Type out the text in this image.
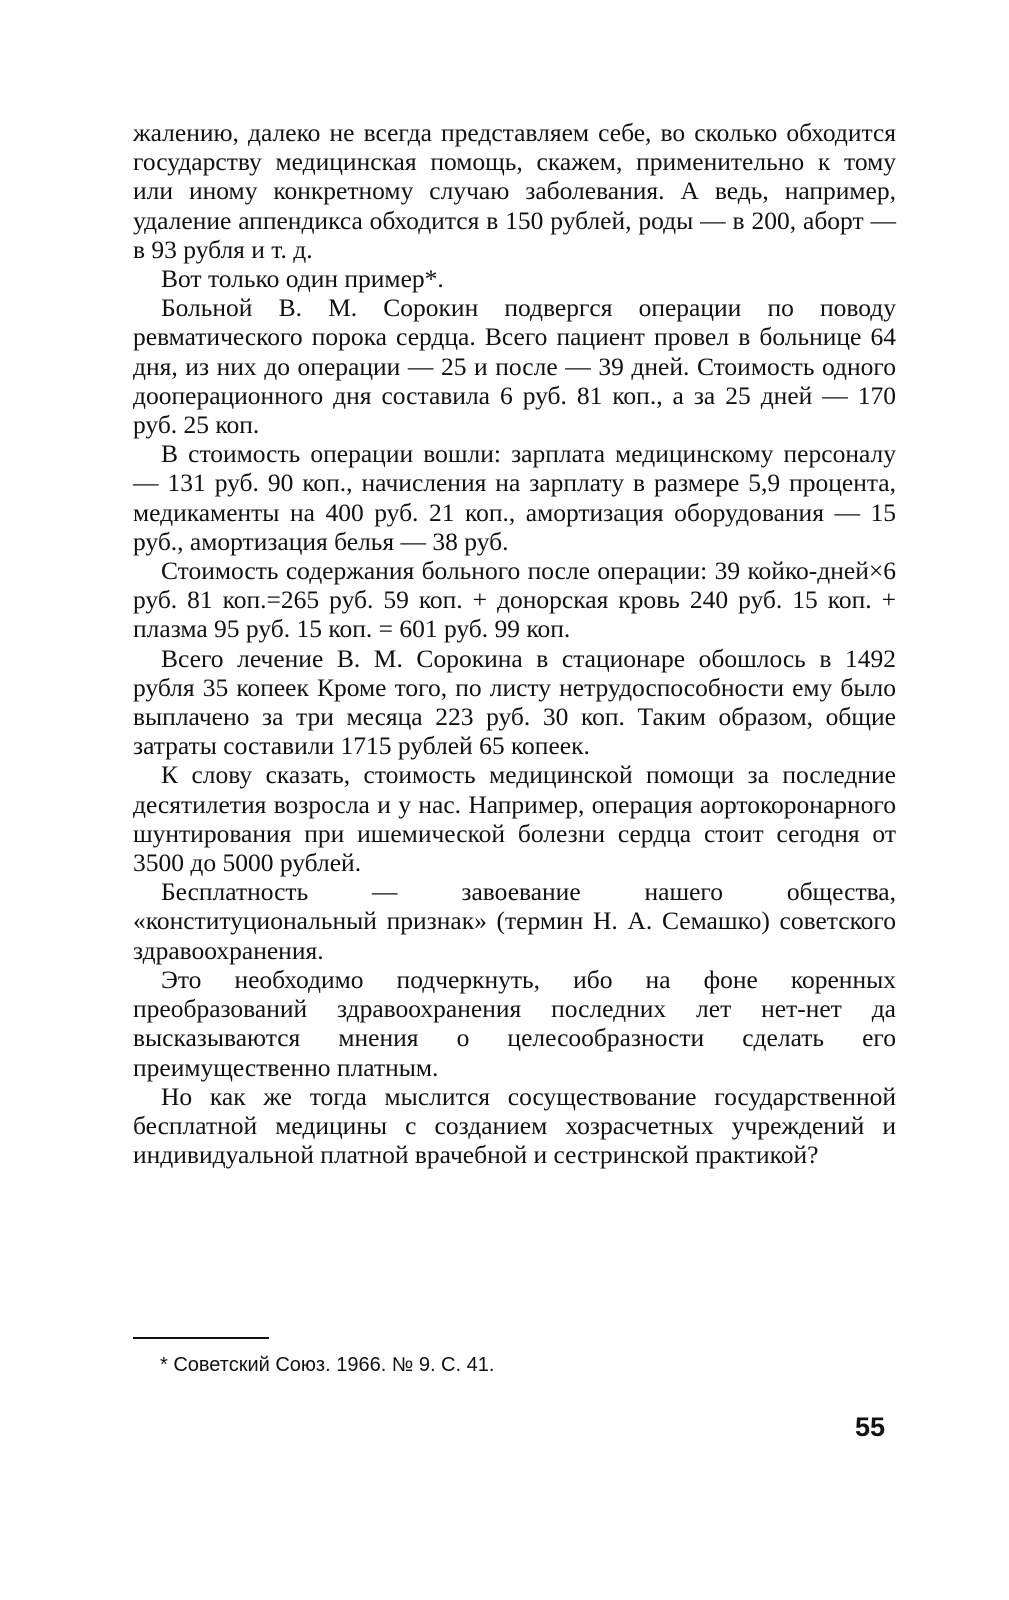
жалению, далеко не всегда представляем себе, во сколько обходится государству медицинская помощь, скажем, применительно к тому или иному конкретному случаю заболевания. А ведь, например, удаление аппендикса обходится в 150 рублей, роды — в 200, аборт — в 93 рубля и т. д.

Вот только один пример*.

Больной В. М. Сорокин подвергся операции по поводу ревматического порока сердца. Всего пациент провел в больнице 64 дня, из них до операции — 25 и после — 39 дней. Стоимость одного дооперационного дня составила 6 руб. 81 коп., а за 25 дней — 170 руб. 25 коп.

В стоимость операции вошли: зарплата медицинскому персоналу — 131 руб. 90 коп., начисления на зарплату в размере 5,9 процента, медикаменты на 400 руб. 21 коп., амортизация оборудования — 15 руб., амортизация белья — 38 руб.

Стоимость содержания больного после операции: 39 койко-дней×6 руб. 81 коп.=265 руб. 59 коп. + донорская кровь 240 руб. 15 коп. + плазма 95 руб. 15 коп. = 601 руб. 99 коп.

Всего лечение В. М. Сорокина в стационаре обошлось в 1492 рубля 35 копеек Кроме того, по листу нетрудоспособности ему было выплачено за три месяца 223 руб. 30 коп. Таким образом, общие затраты составили 1715 рублей 65 копеек.

К слову сказать, стоимость медицинской помощи за последние десятилетия возросла и у нас. Например, операция аортокоронарного шунтирования при ишемической болезни сердца стоит сегодня от 3500 до 5000 рублей.

Бесплатность — завоевание нашего общества, «конституциональный признак» (термин Н. А. Семашко) советского здравоохранения.

Это необходимо подчеркнуть, ибо на фоне коренных преобразований здравоохранения последних лет нет-нет да высказываются мнения о целесообразности сделать его преимущественно платным.

Но как же тогда мыслится сосуществование государственной бесплатной медицины с созданием хозрасчетных учреждений и индивидуальной платной врачебной и сестринской практикой?

* Советский Союз. 1966. № 9. С. 41.

55
